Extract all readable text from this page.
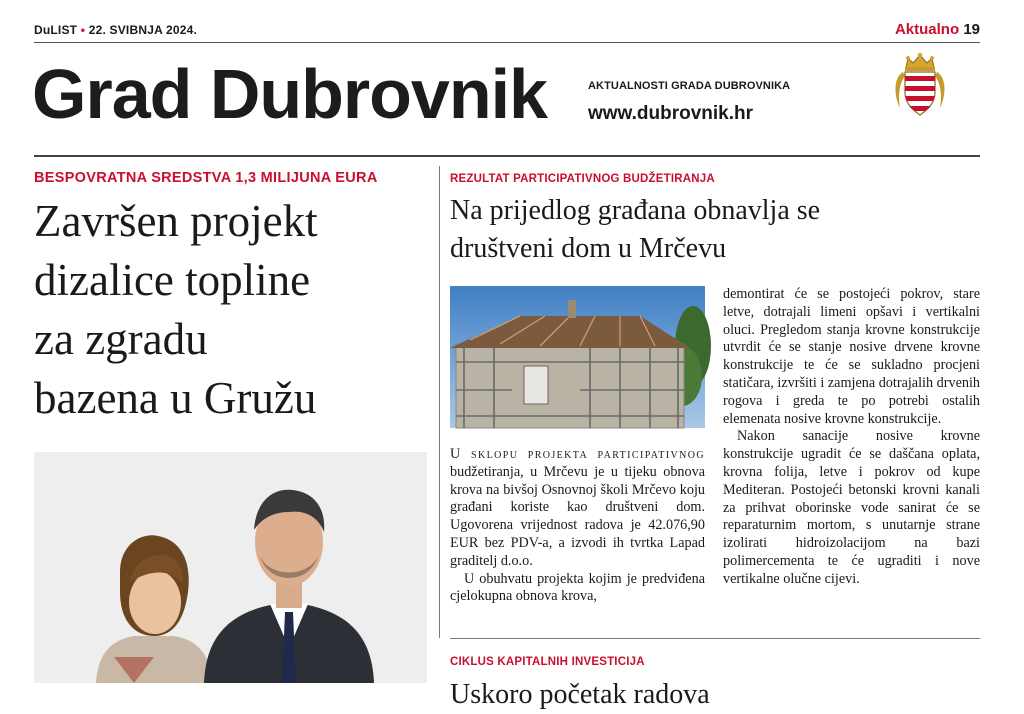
DuLIST • 22. SVIBNJA 2024.	Aktualno 19
Grad Dubrovnik	AKTUALNOSTI GRADA DUBROVNIKA
www.dubrovnik.hr
BESPOVRATNA SREDSTVA 1,3 MILIJUNA EURA
Završen projekt
dizalice topline
za zgradu
bazena u Gružu
REZULTAT PARTICIPATIVNOG BUDŽETIRANJA
Na prijedlog građana obnavlja se
društveni dom u Mrčevu

U sklopu projekta participativnog budžetiranja, u Mrčevu je u tijeku obnova krova na bivšoj Osnovnoj školi Mrčevo koju građani koriste kao društveni dom. Ugovorena vrijednost radova je 42.076,90 EUR bez PDV-a, a izvodi ih tvrtka Lapad graditelj d.o.o.

U obuhvatu projekta kojim je predviđena cjelokupna obnova krova,

demontirat će se postojeći pokrov, stare letve, dotrajali limeni opšavi i vertikalni oluci. Pregledom stanja krovne konstrukcije utvrdit će se stanje nosive drvene krovne konstrukcije te će se sukladno procjeni statičara, izvršiti i zamjena dotrajalih drvenih rogova i greda te po potrebi ostalih elemenata nosive krovne konstrukcije.

Nakon sanacije nosive krovne konstrukcije ugradit će se daščana oplata, krovna folija, letve i pokrov od kupe Mediteran. Postojeći betonski krovni kanali za prihvat oborinske vode sanirat će se reparaturnim mortom, s unutarnje strane izolirati hidroizolacijom na bazi polimercementa te će ugraditi i nove vertikalne olučne cijevi.

CIKLUS KAPITALNIH INVESTICIJA
Uskoro početak radova
